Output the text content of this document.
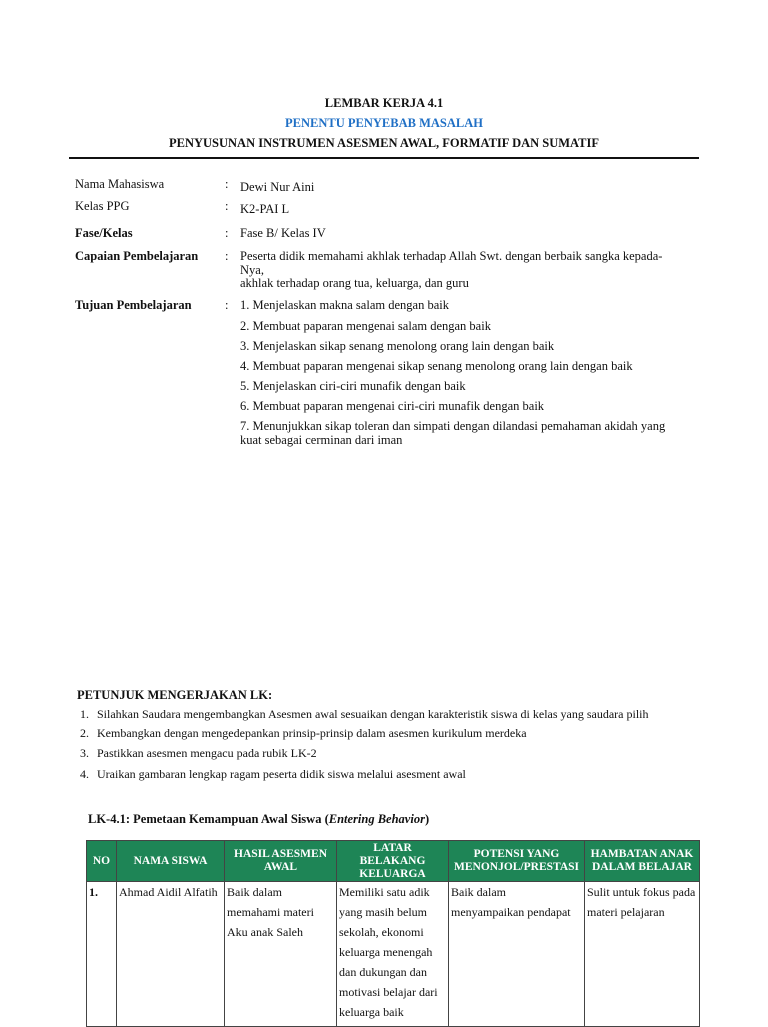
LEMBAR KERJA 4.1
PENENTU PENYEBAB MASALAH
PENYUSUNAN INSTRUMEN ASESMEN AWAL, FORMATIF DAN SUMATIF
Nama Mahasiswa	: Dewi Nur Aini
Kelas PPG	: K2-PAI L
Fase/Kelas	: Fase B/ Kelas IV
Capaian Pembelajaran : Peserta didik memahami akhlak terhadap Allah Swt. dengan berbaik sangka kepada-Nya,
akhlak terhadap orang tua, keluarga, dan guru
Tujuan Pembelajaran	: 1. Menjelaskan makna salam dengan baik
2. Membuat paparan mengenai salam dengan baik
3. Menjelaskan sikap senang menolong orang lain dengan baik
4. Membuat paparan mengenai sikap senang menolong orang lain dengan baik
5. Menjelaskan ciri-ciri munafik dengan baik
6. Membuat paparan mengenai ciri-ciri munafik dengan baik
7. Menunjukkan sikap toleran dan simpati dengan dilandasi pemahaman akidah yang kuat sebagai cerminan dari iman
PETUNJUK MENGERJAKAN LK:
1. Silahkan Saudara mengembangkan Asesmen awal sesuaikan dengan karakteristik siswa di kelas yang saudara pilih
2. Kembangkan dengan mengedepankan prinsip-prinsip dalam asesmen kurikulum merdeka
3. Pastikkan asesmen mengacu pada rubik LK-2
4. Uraikan gambaran lengkap ragam peserta didik siswa melalui asesment awal
LK-4.1: Pemetaan Kemampuan Awal Siswa (Entering Behavior)
NO	NAMA SISWA	HASIL ASESMEN AWAL	LATAR BELAKANG KELUARGA	POTENSI YANG MENONJOL/PRESTASI	HAMBATAN ANAK DALAM BELAJAR
1.	Ahmad Aidil Alfatih	Baik dalam memahami materi Aku anak Saleh	Memiliki satu adik yang masih belum sekolah, ekonomi keluarga menengah dan dukungan dan motivasi belajar dari keluarga baik	Baik dalam menyampaikan pendapat	Sulit untuk fokus pada materi pelajaran
